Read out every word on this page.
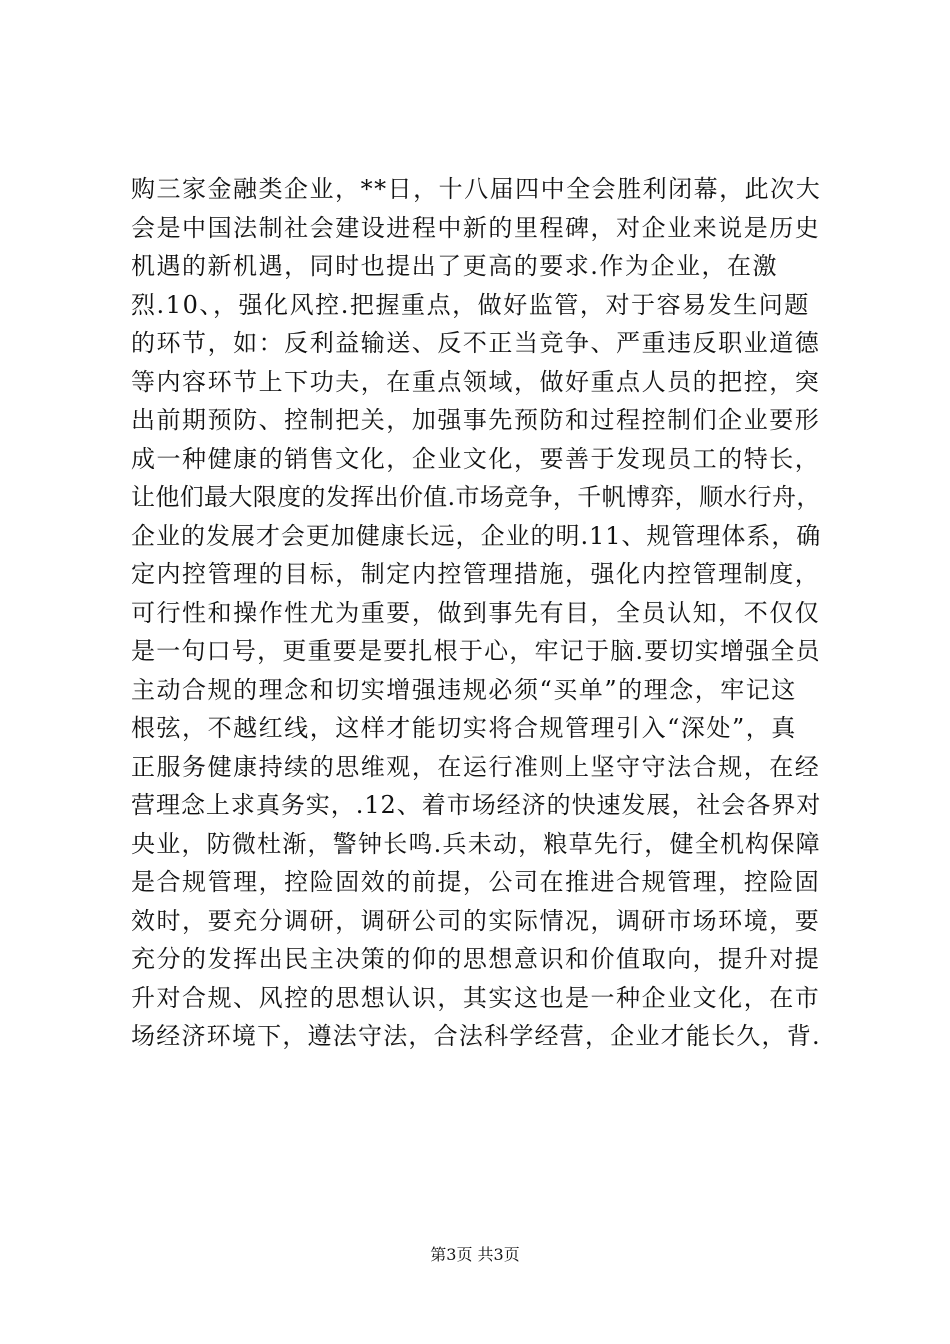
购三家金融类企业，**日，十八届四中全会胜利闭幕，此次大
会是中国法制社会建设进程中新的里程碑，对企业来说是历史
机遇的新机遇，同时也提出了更高的要求.作为企业，在激
烈.10、，强化风控.把握重点，做好监管，对于容易发生问题
的环节，如：反利益输送、反不正当竞争、严重违反职业道德
等内容环节上下功夫，在重点领域，做好重点人员的把控，突
出前期预防、控制把关，加强事先预防和过程控制们企业要形
成一种健康的销售文化，企业文化，要善于发现员工的特长，
让他们最大限度的发挥出价值.市场竞争，千帆博弈，顺水行舟，
企业的发展才会更加健康长远，企业的明.11、规管理体系，确
定内控管理的目标，制定内控管理措施，强化内控管理制度，
可行性和操作性尤为重要，做到事先有目，全员认知，不仅仅
是一句口号，更重要是要扎根于心，牢记于脑.要切实增强全员
主动合规的理念和切实增强违规必须“买单”的理念，牢记这
根弦，不越红线，这样才能切实将合规管理引入“深处”，真
正服务健康持续的思维观，在运行准则上坚守守法合规，在经
营理念上求真务实，.12、着市场经济的快速发展，社会各界对
央业，防微杜渐，警钟长鸣.兵未动，粮草先行，健全机构保障
是合规管理，控险固效的前提，公司在推进合规管理，控险固
效时，要充分调研，调研公司的实际情况，调研市场环境，要
充分的发挥出民主决策的仰的思想意识和价值取向，提升对提
升对合规、风控的思想认识，其实这也是一种企业文化，在市
场经济环境下，遵法守法，合法科学经营，企业才能长久，背.
第3页 共3页
